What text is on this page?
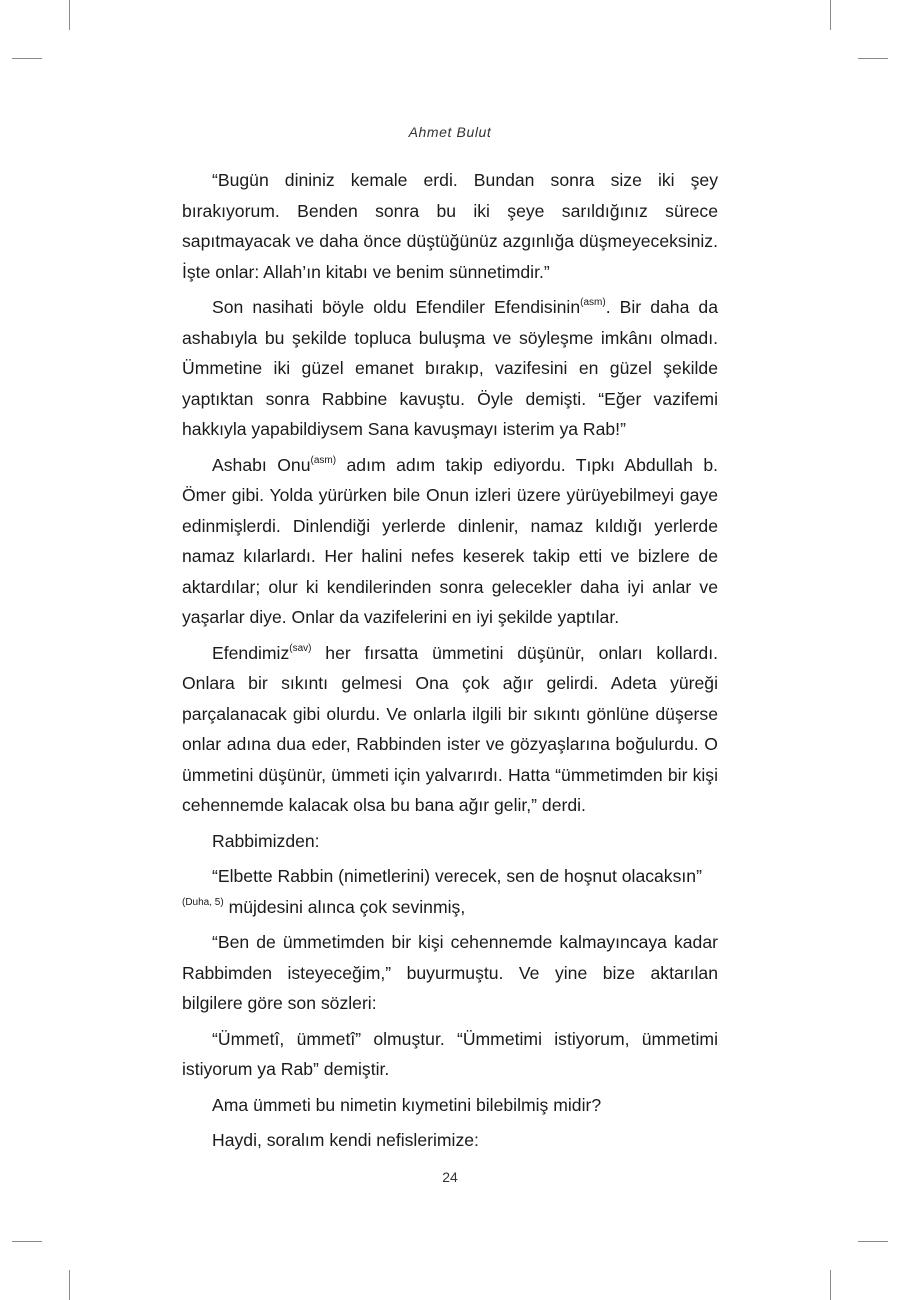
Ahmet Bulut

“Bugün dininiz kemale erdi. Bundan sonra size iki şey bırakıyorum. Benden sonra bu iki şeye sarıldığınız sürece sapıtmayacak ve daha önce düştüğünüz azgınlığa düşmeyeceksiniz. İşte onlar: Allah’ın kitabı ve benim sünnetimdir.”

Son nasihati böyle oldu Efendiler Efendisinin$^{(asm)}$. Bir daha da ashabıyla bu şekilde topluca buluşma ve söyleşme imkânı olmadı. Ümmetine iki güzel emanet bırakıp, vazifesini en güzel şekilde yaptıktan sonra Rabbine kavuştu. Öyle demişti. “Eğer vazifemi hakkıyla yapabildiysem Sana kavuşmayı isterim ya Rab!”

Ashabı Onu$^{(asm)}$ adım adım takip ediyordu. Tıpkı Abdullah b. Ömer gibi. Yolda yürürken bile Onun izleri üzere yürüyebilmeyi gaye edinmişlerdi. Dinlendiği yerlerde dinlenir, namaz kıldığı yerlerde namaz kılarlardı. Her halini nefes keserek takip etti ve bizlere de aktardılar; olur ki kendilerinden sonra gelecekler daha iyi anlar ve yaşarlar diye. Onlar da vazifelerini en iyi şekilde yaptılar.

Efendimiz$^{(sav)}$ her fırsatta ümmetini düşünür, onları kollardı. Onlara bir sıkıntı gelmesi Ona çok ağır gelirdi. Adeta yüreği parçalanacak gibi olurdu. Ve onlarla ilgili bir sıkıntı gönlüne düşerse onlar adına dua eder, Rabbinden ister ve gözyaşlarına boğulurdu. O ümmetini düşünür, ümmeti için yalvarırdı. Hatta “ümmetimden bir kişi cehennemde kalacak olsa bu bana ağır gelir,” derdi.

Rabbimizden:

“Elbette Rabbin (nimetlerini) verecek, sen de hoşnut olacaksın”

$^{(Duha, 5)}$ müjdesini alınca çok sevinmiş,

“Ben de ümmetimden bir kişi cehennemde kalmayıncaya kadar Rabbimden isteyeceğim,” buyurmuştu. Ve yine bize aktarılan bilgilere göre son sözleri:

“Ümmetî, ümmetî” olmuştur. “Ümmetimi istiyorum, ümmetimi istiyorum ya Rab” demiştir.

Ama ümmeti bu nimetin kıymetini bilebilmiş midir?

Haydi, soralım kendi nefislerimize:

24
